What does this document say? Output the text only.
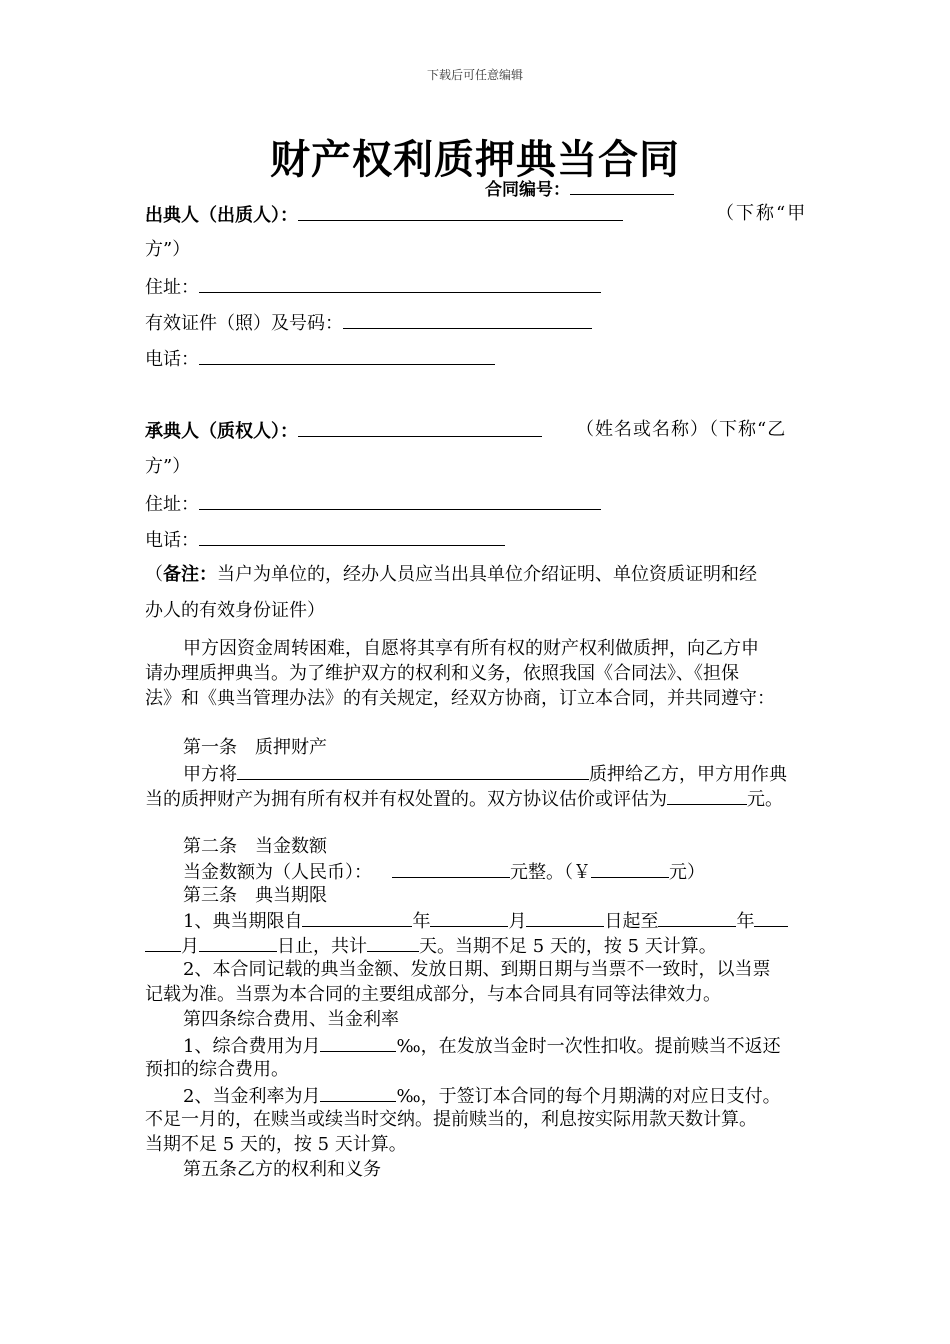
下载后可任意编辑
财产权利质押典当合同
合同编号：
出典人（出质人）：	（下称“甲
方”）
住址：
有效证件（照）及号码：
电话：
承典人（质权人）：	（姓名或名称）（下称“乙
方”）
住址：
电话：
（备注：当户为单位的，经办人员应当出具单位介绍证明、单位资质证明和经
办人的有效身份证件）
甲方因资金周转困难，自愿将其享有所有权的财产权利做质押，向乙方申
请办理质押典当。为了维护双方的权利和义务，依照我国《合同法》、《担保
法》和《典当管理办法》的有关规定，经双方协商，订立本合同，并共同遵守：
第一条　质押财产
甲方将	质押给乙方，甲方用作典
当的质押财产为拥有所有权并有权处置的。双方协议估价或评估为	元。
第二条　当金数额
当金数额为（人民币）：	元整。（￥	元）
第三条　典当期限
1、典当期限自	年	月	日起至	年
月	日止，共计	天。当期不足 5 天的，按 5 天计算。
2、本合同记载的典当金额、发放日期、到期日期与当票不一致时，以当票
记载为准。当票为本合同的主要组成部分，与本合同具有同等法律效力。
第四条综合费用、当金利率
1、综合费用为月	‰，在发放当金时一次性扣收。提前赎当不返还
预扣的综合费用。
2、当金利率为月	‰，于签订本合同的每个月期满的对应日支付。
不足一月的，在赎当或续当时交纳。提前赎当的，利息按实际用款天数计算。
当期不足 5 天的，按 5 天计算。
第五条乙方的权利和义务
